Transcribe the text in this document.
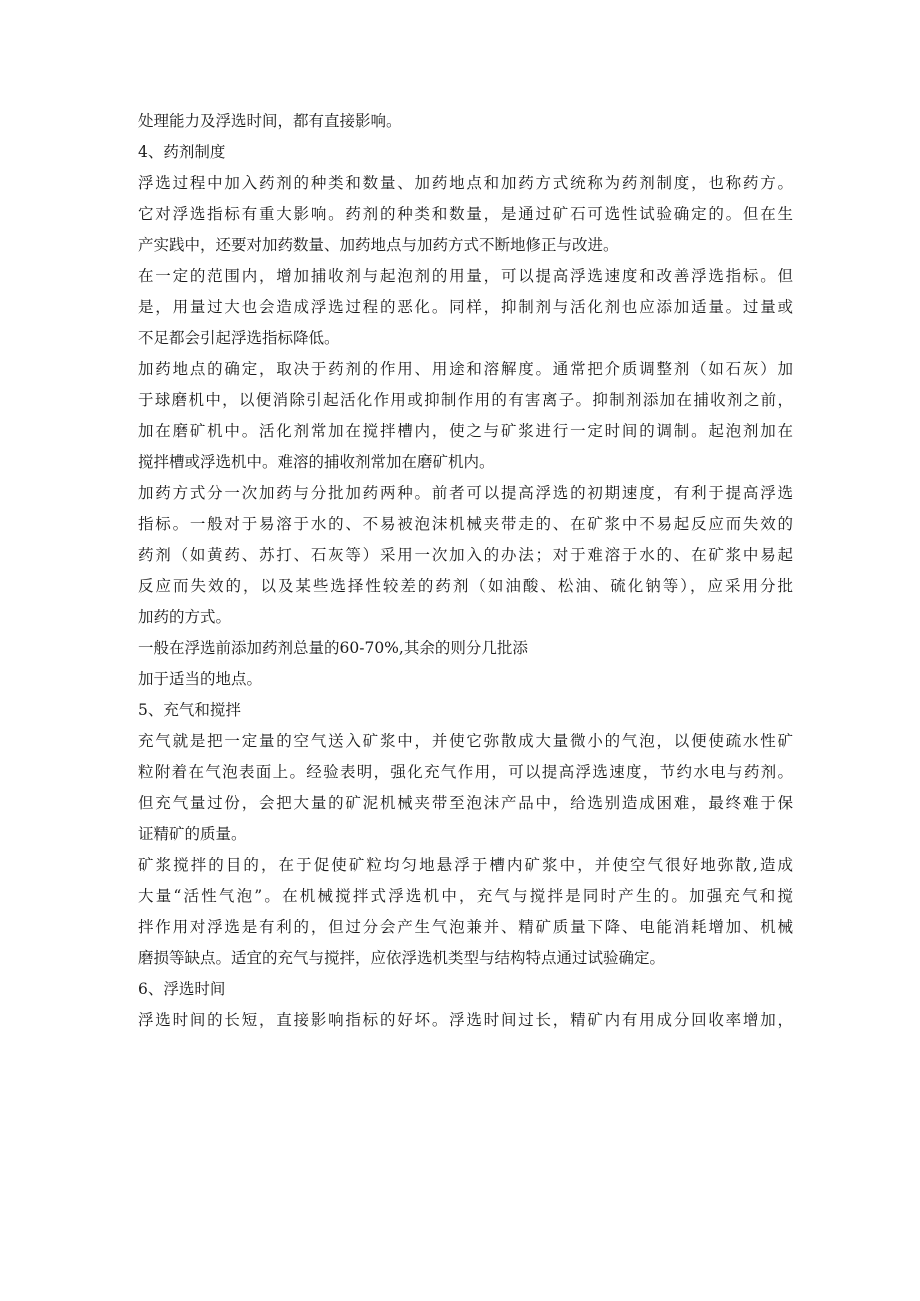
处理能力及浮选时间，都有直接影响。
4、药剂制度
浮选过程中加入药剂的种类和数量、加药地点和加药方式统称为药剂制度，也称药方。
它对浮选指标有重大影响。药剂的种类和数量，是通过矿石可选性试验确定的。但在生
产实践中，还要对加药数量、加药地点与加药方式不断地修正与改进。
在一定的范围内，增加捕收剂与起泡剂的用量，可以提高浮选速度和改善浮选指标。但
是，用量过大也会造成浮选过程的恶化。同样，抑制剂与活化剂也应添加适量。过量或
不足都会引起浮选指标降低。
加药地点的确定，取决于药剂的作用、用途和溶解度。通常把介质调整剂（如石灰）加
于球磨机中，以便消除引起活化作用或抑制作用的有害离子。抑制剂添加在捕收剂之前，
加在磨矿机中。活化剂常加在搅拌槽内，使之与矿浆进行一定时间的调制。起泡剂加在
搅拌槽或浮选机中。难溶的捕收剂常加在磨矿机内。
加药方式分一次加药与分批加药两种。前者可以提高浮选的初期速度，有利于提高浮选
指标。一般对于易溶于水的、不易被泡沫机械夹带走的、在矿浆中不易起反应而失效的
药剂（如黄药、苏打、石灰等）采用一次加入的办法；对于难溶于水的、在矿浆中易起
反应而失效的，以及某些选择性较差的药剂（如油酸、松油、硫化钠等），应采用分批
加药的方式。
一般在浮选前添加药剂总量的60-70%,其余的则分几批添
加于适当的地点。
5、充气和搅拌
充气就是把一定量的空气送入矿浆中，并使它弥散成大量微小的气泡，以便使疏水性矿
粒附着在气泡表面上。经验表明，强化充气作用，可以提高浮选速度，节约水电与药剂。
但充气量过份，会把大量的矿泥机械夹带至泡沫产品中，给选别造成困难，最终难于保
证精矿的质量。
矿浆搅拌的目的，在于促使矿粒均匀地悬浮于槽内矿浆中，并使空气很好地弥散,造成
大量“活性气泡”。在机械搅拌式浮选机中，充气与搅拌是同时产生的。加强充气和搅
拌作用对浮选是有利的，但过分会产生气泡兼并、精矿质量下降、电能消耗增加、机械
磨损等缺点。适宜的充气与搅拌，应依浮选机类型与结构特点通过试验确定。
6、浮选时间
浮选时间的长短，直接影响指标的好坏。浮选时间过长，精矿内有用成分回收率增加，
